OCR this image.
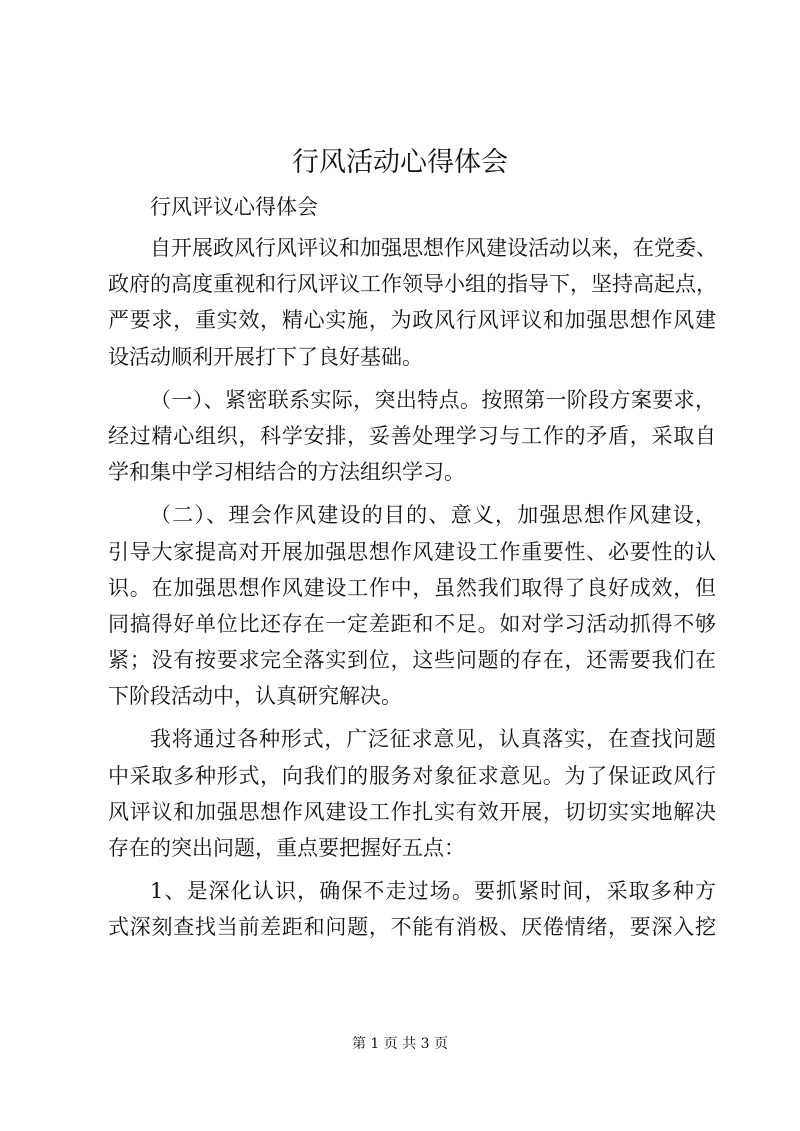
行风活动心得体会
行风评议心得体会
自开展政风行风评议和加强思想作风建设活动以来，在党委、
政府的高度重视和行风评议工作领导小组的指导下，坚持高起点，
严要求，重实效，精心实施，为政风行风评议和加强思想作风建
设活动顺利开展打下了良好基础。
（一）、紧密联系实际，突出特点。按照第一阶段方案要求，
经过精心组织，科学安排，妥善处理学习与工作的矛盾，采取自
学和集中学习相结合的方法组织学习。
（二）、理会作风建设的目的、意义，加强思想作风建设，
引导大家提高对开展加强思想作风建设工作重要性、必要性的认
识。在加强思想作风建设工作中，虽然我们取得了良好成效，但
同搞得好单位比还存在一定差距和不足。如对学习活动抓得不够
紧；没有按要求完全落实到位，这些问题的存在，还需要我们在
下阶段活动中，认真研究解决。
我将通过各种形式，广泛征求意见，认真落实，在查找问题
中采取多种形式，向我们的服务对象征求意见。为了保证政风行
风评议和加强思想作风建设工作扎实有效开展，切切实实地解决
存在的突出问题，重点要把握好五点：
1、是深化认识，确保不走过场。要抓紧时间，采取多种方
式深刻查找当前差距和问题，不能有消极、厌倦情绪，要深入挖
第 1 页 共 3 页
